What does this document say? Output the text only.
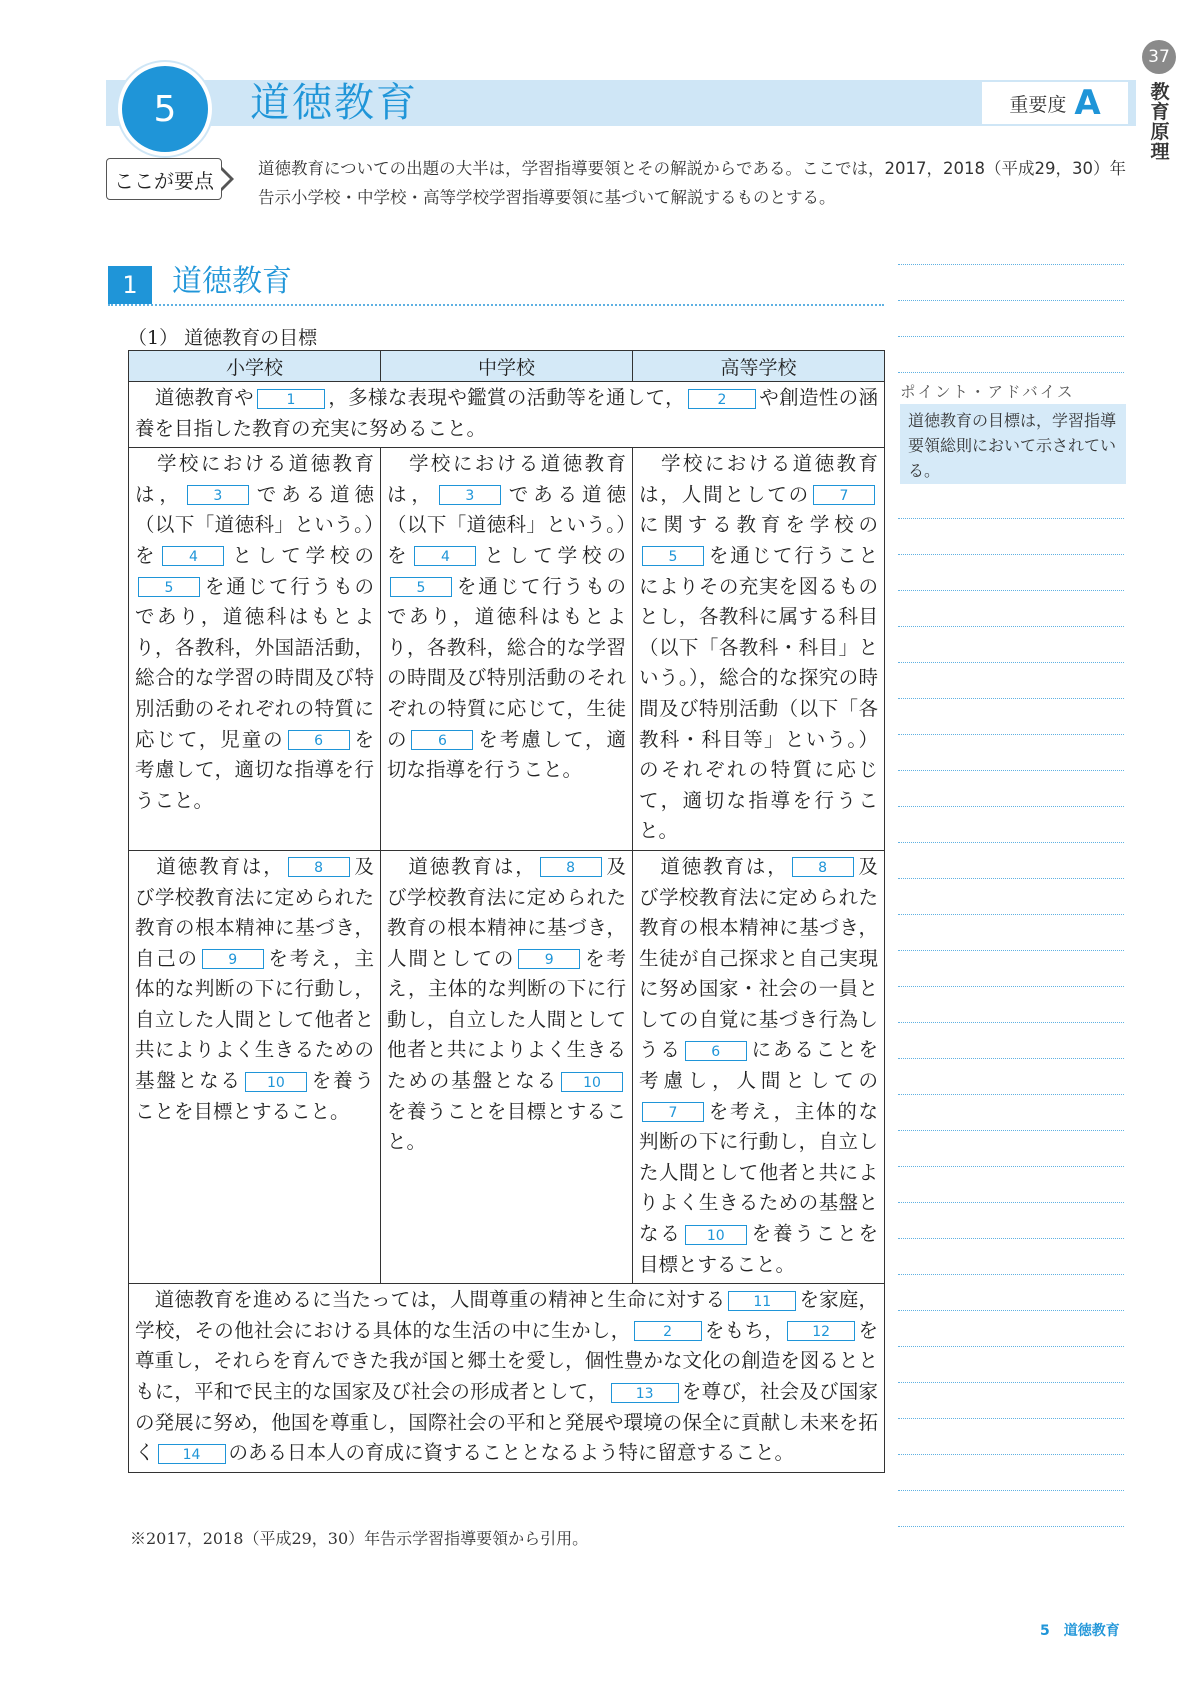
37
教育原理
5	道徳教育	重要度 A
ここが要点	道徳教育についての出題の大半は，学習指導要領とその解説からである。ここでは，2017，2018（平成29，30）年告示小学校・中学校・高等学校学習指導要領に基づいて解説するものとする。
1	道徳教育
（1） 道徳教育の目標
小学校	中学校	高等学校
　道徳教育や 1 ，多様な表現や鑑賞の活動等を通して， 2 や創造性の涵養を目指した教育の充実に努めること。		
　学校における道徳教育は， 3 である道徳（以下「道徳科」という。）を 4 として学校の5 を通じて行うものであり，道徳科はもとより，各教科，外国語活動，総合的な学習の時間及び特別活動のそれぞれの特質に応じて，児童の 6 を考慮して，適切な指導を行うこと。	　学校における道徳教育は， 3 である道徳（以下「道徳科」という。）を 4 として学校の5 を通じて行うものであり，道徳科はもとより，各教科，総合的な学習の時間及び特別活動のそれぞれの特質に応じて，生徒の 6 を考慮して，適切な指導を行うこと。	　学校における道徳教育は，人間としての 7に関する教育を学校の5 を通じて行うことによりその充実を図るものとし，各教科に属する科目（以下「各教科・科目」という。），総合的な探究の時間及び特別活動（以下「各教科・科目等」という。）のそれぞれの特質に応じて，適切な指導を行うこと。
　道徳教育は， 8 及び学校教育法に定められた教育の根本精神に基づき，自己の 9 を考え，主体的な判断の下に行動し，自立した人間として他者と共によりよく生きるための基盤となる 10 を養うことを目標とすること。	　道徳教育は， 8 及び学校教育法に定められた教育の根本精神に基づき，人間としての 9 を考え，主体的な判断の下に行動し，自立した人間として他者と共によりよく生きるための基盤となる 10を養うことを目標とすること。	　道徳教育は， 8 及び学校教育法に定められた教育の根本精神に基づき，生徒が自己探求と自己実現に努め国家・社会の一員としての自覚に基づき行為しうる 6 にあることを考慮し，人間としての7 を考え，主体的な判断の下に行動し，自立した人間として他者と共によりよく生きるための基盤となる 10 を養うことを目標とすること。
　道徳教育を進めるに当たっては，人間尊重の精神と生命に対する 11 を家庭，学校，その他社会における具体的な生活の中に生かし， 2 をもち， 12 を尊重し，それらを育んできた我が国と郷土を愛し，個性豊かな文化の創造を図るとともに，平和で民主的な国家及び社会の形成者として， 13 を尊び，社会及び国家の発展に努め，他国を尊重し，国際社会の平和と発展や環境の保全に貢献し未来を拓く 14 のある日本人の育成に資することとなるよう特に留意すること。		
※2017，2018（平成29，30）年告示学習指導要領から引用。
ポイント・アドバイス
道徳教育の目標は，学習指導要領総則において示されている。
5　道徳教育
